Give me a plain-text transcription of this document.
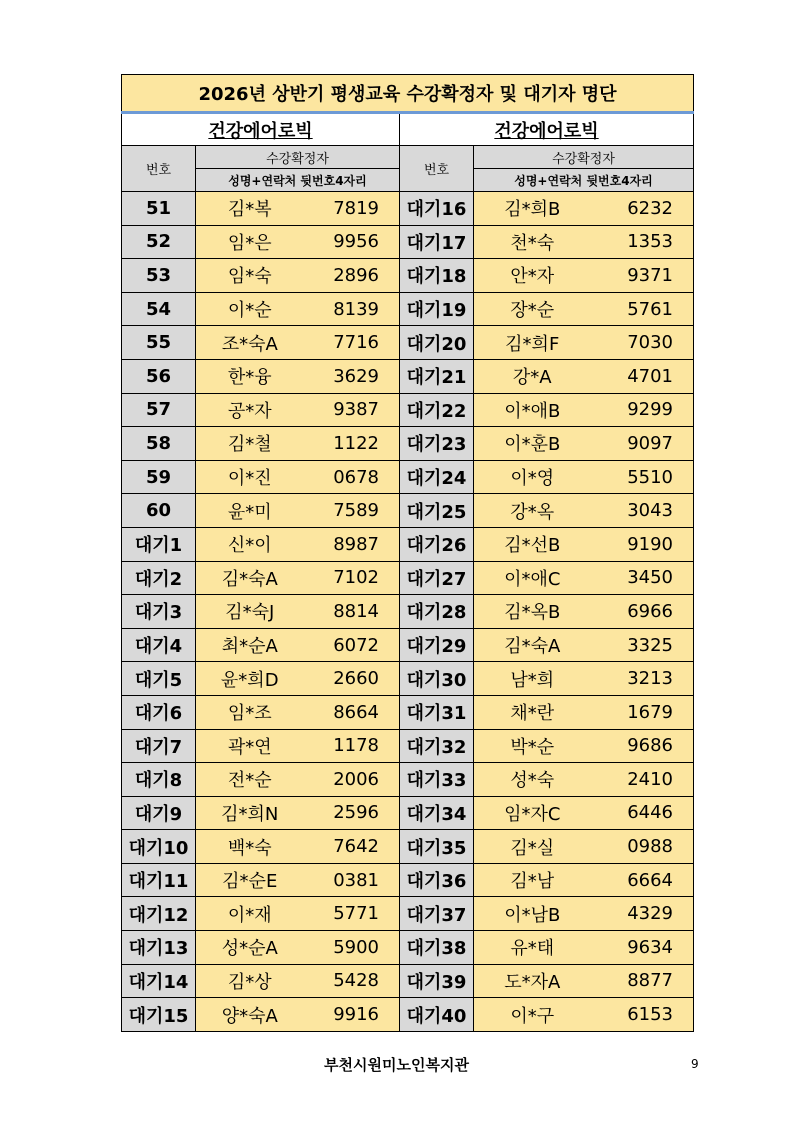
2026년 상반기 평생교육 수강확정자 및 대기자 명단					
건강에어로빅			건강에어로빅		
번호	수강확정자		번호	수강확정자	
	성명+연락처 뒷번호4자리			성명+연락처 뒷번호4자리	
51	김*복	7819	대기16	김*희B	6232
52	임*은	9956	대기17	천*숙	1353
53	임*숙	2896	대기18	안*자	9371
54	이*순	8139	대기19	장*순	5761
55	조*숙A	7716	대기20	김*희F	7030
56	한*융	3629	대기21	강*A	4701
57	공*자	9387	대기22	이*애B	9299
58	김*철	1122	대기23	이*훈B	9097
59	이*진	0678	대기24	이*영	5510
60	윤*미	7589	대기25	강*옥	3043
대기1	신*이	8987	대기26	김*선B	9190
대기2	김*숙A	7102	대기27	이*애C	3450
대기3	김*숙J	8814	대기28	김*옥B	6966
대기4	최*순A	6072	대기29	김*숙A	3325
대기5	윤*희D	2660	대기30	남*희	3213
대기6	임*조	8664	대기31	채*란	1679
대기7	곽*연	1178	대기32	박*순	9686
대기8	전*순	2006	대기33	성*숙	2410
대기9	김*희N	2596	대기34	임*자C	6446
대기10	백*숙	7642	대기35	김*실	0988
대기11	김*순E	0381	대기36	김*남	6664
대기12	이*재	5771	대기37	이*남B	4329
대기13	성*순A	5900	대기38	유*태	9634
대기14	김*상	5428	대기39	도*자A	8877
대기15	양*숙A	9916	대기40	이*구	6153
부천시원미노인복지관	9
